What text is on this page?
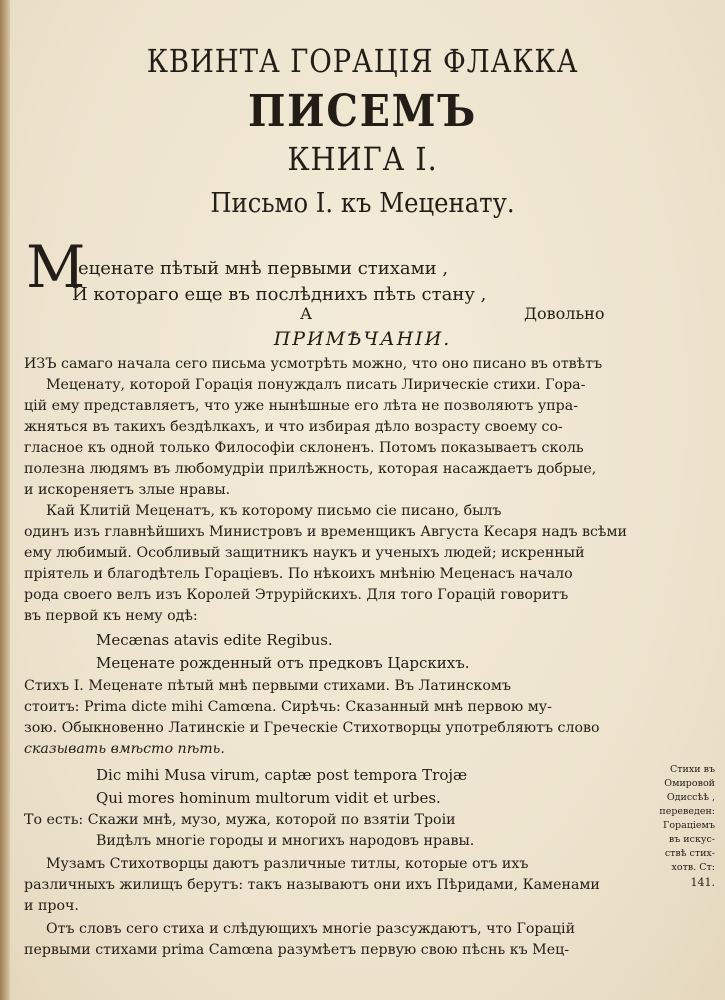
КВИНТА ГОРАЦІЯ ФЛАККА
ПИСЕМЪ
КНИГА I.
Письмо I. къ Меценату.
М
еценате пѣтый мнѣ первыми стихами ,
И котораго еще въ послѣднихъ пѣть стану ,
А	Довольно
ПРИМѢЧАНІИ.
ИЗЪ самаго начала сего письма усмотрѣть можно, что оно писано въ отвѣтъ
Меценату, которой Горація понуждалъ писать Лирическіе стихи. Гора-
цій ему представляетъ, что уже нынѣшные его лѣта не позволяютъ упра-
жняться въ такихъ бездѣлкахъ, и что избирая дѣло возрасту своему со-
гласное къ одной только Философіи склоненъ. Потомъ показываетъ сколь
полезна людямъ въ любомудріи прилѣжность, которая насаждаетъ добрые,
и искореняетъ злые нравы.
Кай Клитій Меценатъ, къ которому письмо сіе писано, былъ
одинъ изъ главнѣйшихъ Министровъ и временщикъ Августа Кесаря надъ всѣми
ему любимый. Особливый защитникъ наукъ и ученыхъ людей; искренный
пріятель и благодѣтель Гораціевъ. По нѣкоихъ мнѣнію Меценасъ начало
рода своего велъ изъ Королей Этрурійскихъ. Для того Горацій говоритъ
въ первой къ нему одѣ:
Mecænas atavis edite Regibus.
Меценате рожденный отъ предковъ Царскихъ.
Стихъ I. Меценате пѣтый мнѣ первыми стихами. Въ Латинскомъ
стоитъ: Prima dicte mihi Camœna. Сирѣчь: Сказанный мнѣ первою му-
зою. Обыкновенно Латинскіе и Греческіе Стихотворцы употребляютъ слово
сказывать вмѣсто пѣть.
Dic mihi Musa virum, captæ post tempora Trojæ
Qui mores hominum multorum vidit et urbes.
То есть: Скажи мнѣ, музо, мужа, которой по взятіи Троіи
Видѣлъ многіе городы и многихъ народовъ нравы.
Музамъ Стихотворцы даютъ различные титлы, которые отъ ихъ
различныхъ жилищъ берутъ: такъ называютъ они ихъ Пѣридами, Каменами
и проч.
Отъ словъ сего стиха и слѣдующихъ многіе разсуждаютъ, что Горацій
первыми стихами prima Camœna разумѣетъ первую свою пѣснь къ Мец-
Стихи въ
Омировой
Одиссѣѣ ,
переведен:
Горацiемъ
въ искус-
ствѣ стих-
хотв. Ст:
141.
